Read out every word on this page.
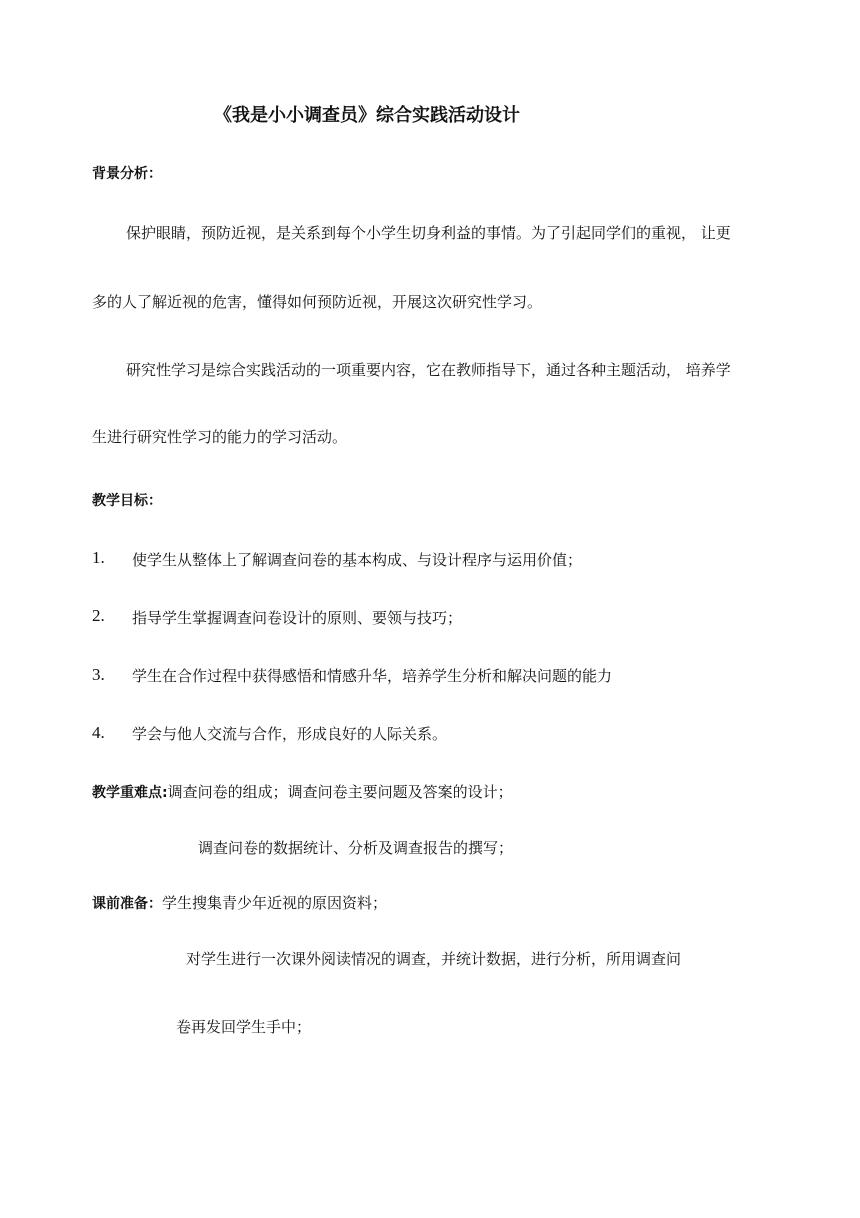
《我是小小调查员》综合实践活动设计
背景分析：
保护眼睛，预防近视，是关系到每个小学生切身利益的事情。为了引起同学们的重视， 让更
多的人了解近视的危害，懂得如何预防近视，开展这次研究性学习。
研究性学习是综合实践活动的一项重要内容，它在教师指导下，通过各种主题活动， 培养学
生进行研究性学习的能力的学习活动。
教学目标：
1. 使学生从整体上了解调查问卷的基本构成、与设计程序与运用价值；
2. 指导学生掌握调查问卷设计的原则、要领与技巧；
3. 学生在合作过程中获得感悟和情感升华，培养学生分析和解决问题的能力
4. 学会与他人交流与合作，形成良好的人际关系。
教学重难点:调查问卷的组成；调查问卷主要问题及答案的设计；
调查问卷的数据统计、分析及调查报告的撰写；
课前准备：学生搜集青少年近视的原因资料；
对学生进行一次课外阅读情况的调查，并统计数据，进行分析，所用调查问
卷再发回学生手中；
